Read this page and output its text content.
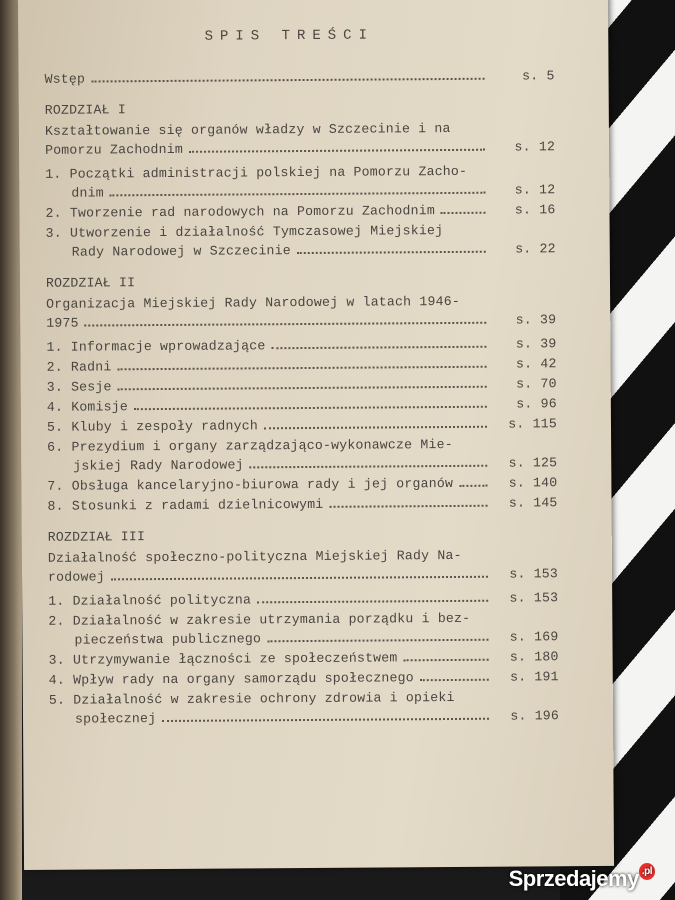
SPIS TREŚCI
Wstęp	s. 5
ROZDZIAŁ I
Kształtowanie się organów władzy w Szczecinie i na
Pomorzu Zachodnim	s. 12
1. Początki administracji polskiej na Pomorzu Zacho-
dnim	s. 12
2. Tworzenie rad narodowych na Pomorzu Zachodnim	s. 16
3. Utworzenie i działalność Tymczasowej Miejskiej
Rady Narodowej w Szczecinie	s. 22
ROZDZIAŁ II
Organizacja Miejskiej Rady Narodowej w latach 1946-
1975	s. 39
1. Informacje wprowadzające	s. 39
2. Radni	s. 42
3. Sesje	s. 70
4. Komisje	s. 96
5. Kluby i zespoły radnych	s. 115
6. Prezydium i organy zarządzająco-wykonawcze Mie-
jskiej Rady Narodowej	s. 125
7. Obsługa kancelaryjno-biurowa rady i jej organów	s. 140
8. Stosunki z radami dzielnicowymi	s. 145
ROZDZIAŁ III
Działalność społeczno-polityczna Miejskiej Rady Na-
rodowej	s. 153
1. Działalność polityczna	s. 153
2. Działalność w zakresie utrzymania porządku i bez-
pieczeństwa publicznego	s. 169
3. Utrzymywanie łączności ze społeczeństwem	s. 180
4. Wpływ rady na organy samorządu społecznego	s. 191
5. Działalność w zakresie ochrony zdrowia i opieki
społecznej	s. 196
Sprzedajemy $^{.pl}$
